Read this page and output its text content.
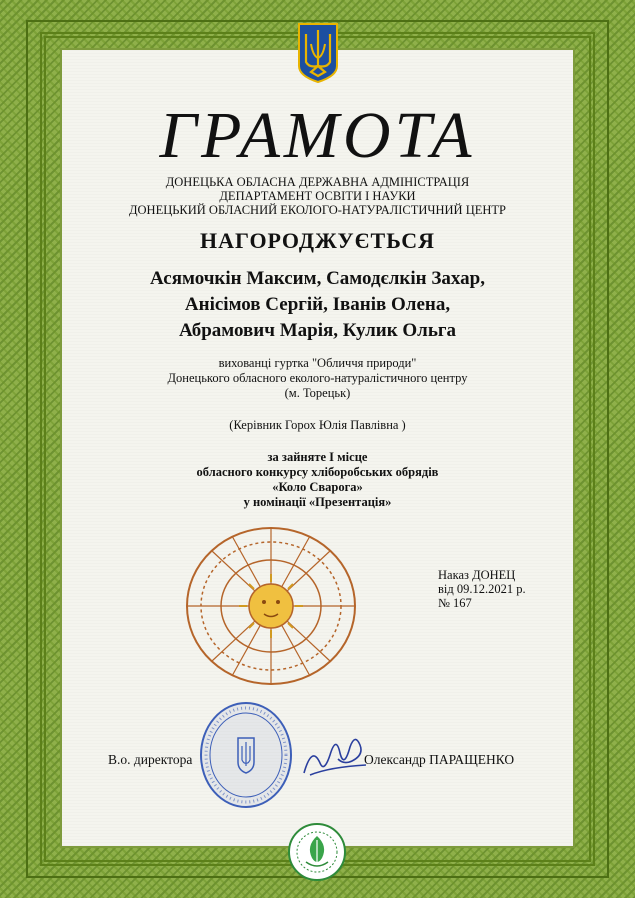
ГРАМОТА
ДОНЕЦЬКА ОБЛАСНА ДЕРЖАВНА АДМІНІСТРАЦІЯ
ДЕПАРТАМЕНТ ОСВІТИ І НАУКИ
ДОНЕЦЬКИЙ ОБЛАСНИЙ ЕКОЛОГО-НАТУРАЛІСТИЧНИЙ ЦЕНТР
НАГОРОДЖУЄТЬСЯ
Асямочкін Максим, Самодєлкін Захар,
Анісімов Сергій, Іванів Олена,
Абрамович Марія, Кулик Ольга
вихованці гуртка "Обличчя природи"
Донецького обласного еколого-натуралістичного центру
(м. Торецьк)
(Керівник Горох Юлія Павлівна )
за зайняте І місце
обласного конкурсу хліборобських обрядів
«Коло Сварога»
у номінації «Презентація»
Наказ ДОНЕЦ
від 09.12.2021 р.
№ 167
В.о. директора	Олександр ПАРАЩЕНКО
